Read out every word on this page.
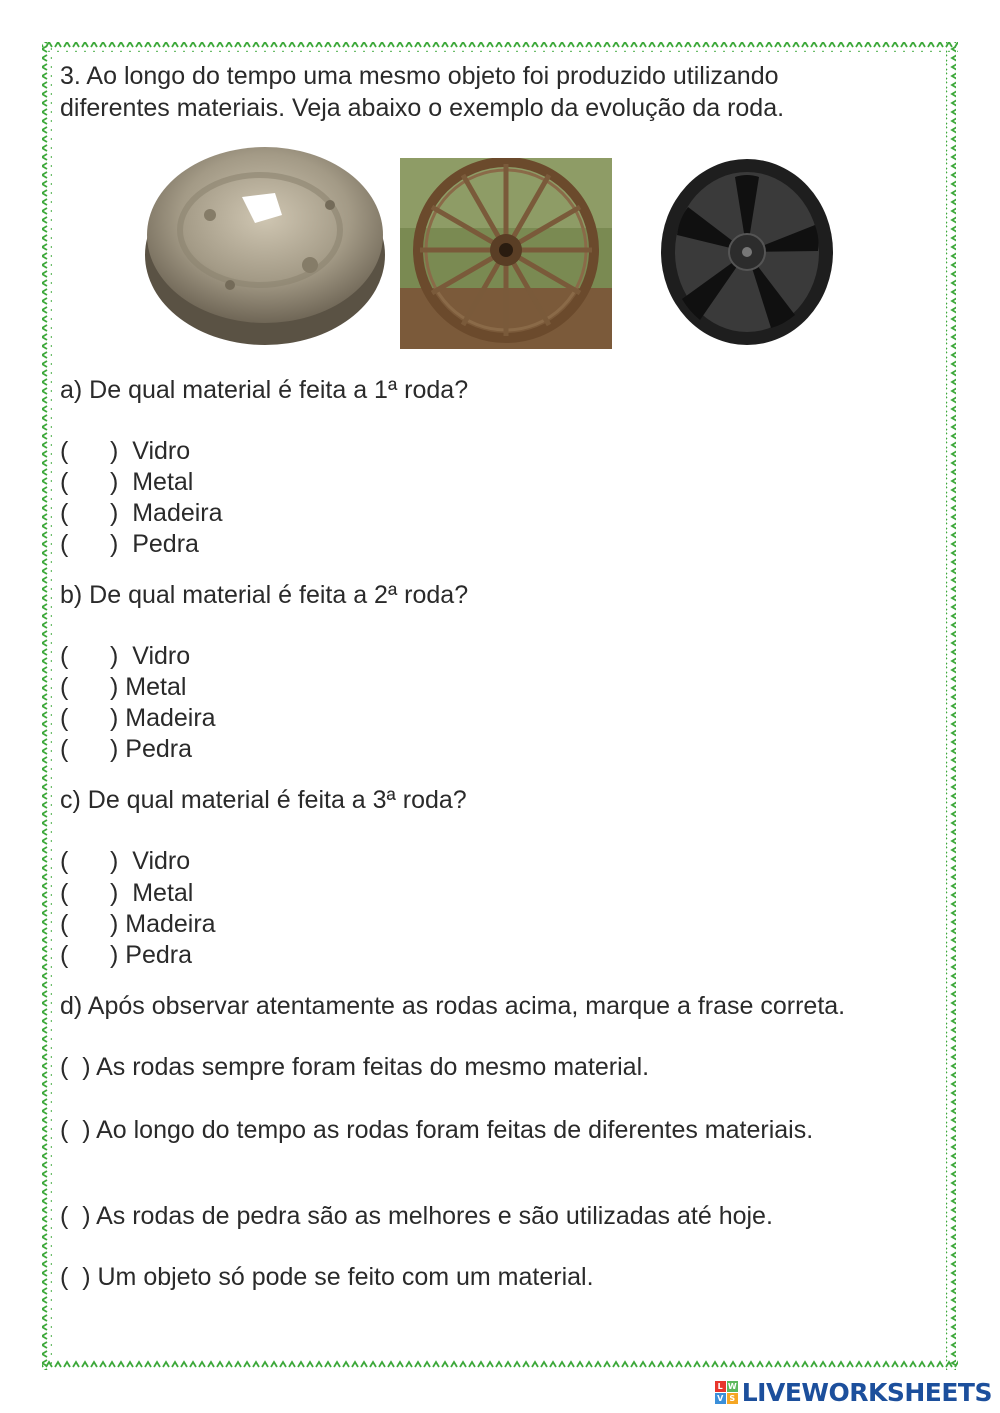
3. Ao longo do tempo uma mesmo objeto foi produzido utilizando
diferentes materiais. Veja abaixo o exemplo da evolução da roda.
a) De qual material é feita a 1ª roda?
(      )  Vidro
(      )  Metal
(      )  Madeira
(      )  Pedra
b) De qual material é feita a 2ª roda?
(      )  Vidro
(      ) Metal
(      ) Madeira
(      ) Pedra
c) De qual material é feita a 3ª roda?
(      )  Vidro
(      )  Metal
(      ) Madeira
(      ) Pedra
d) Após observar atentamente as rodas acima, marque a frase correta.
(  ) As rodas sempre foram feitas do mesmo material.
(  ) Ao longo do tempo as rodas foram feitas de diferentes materiais.
(  ) As rodas de pedra são as melhores e são utilizadas até hoje.
(  ) Um objeto só pode se feito com um material.
L W
V S LIVEWORKSHEETS
